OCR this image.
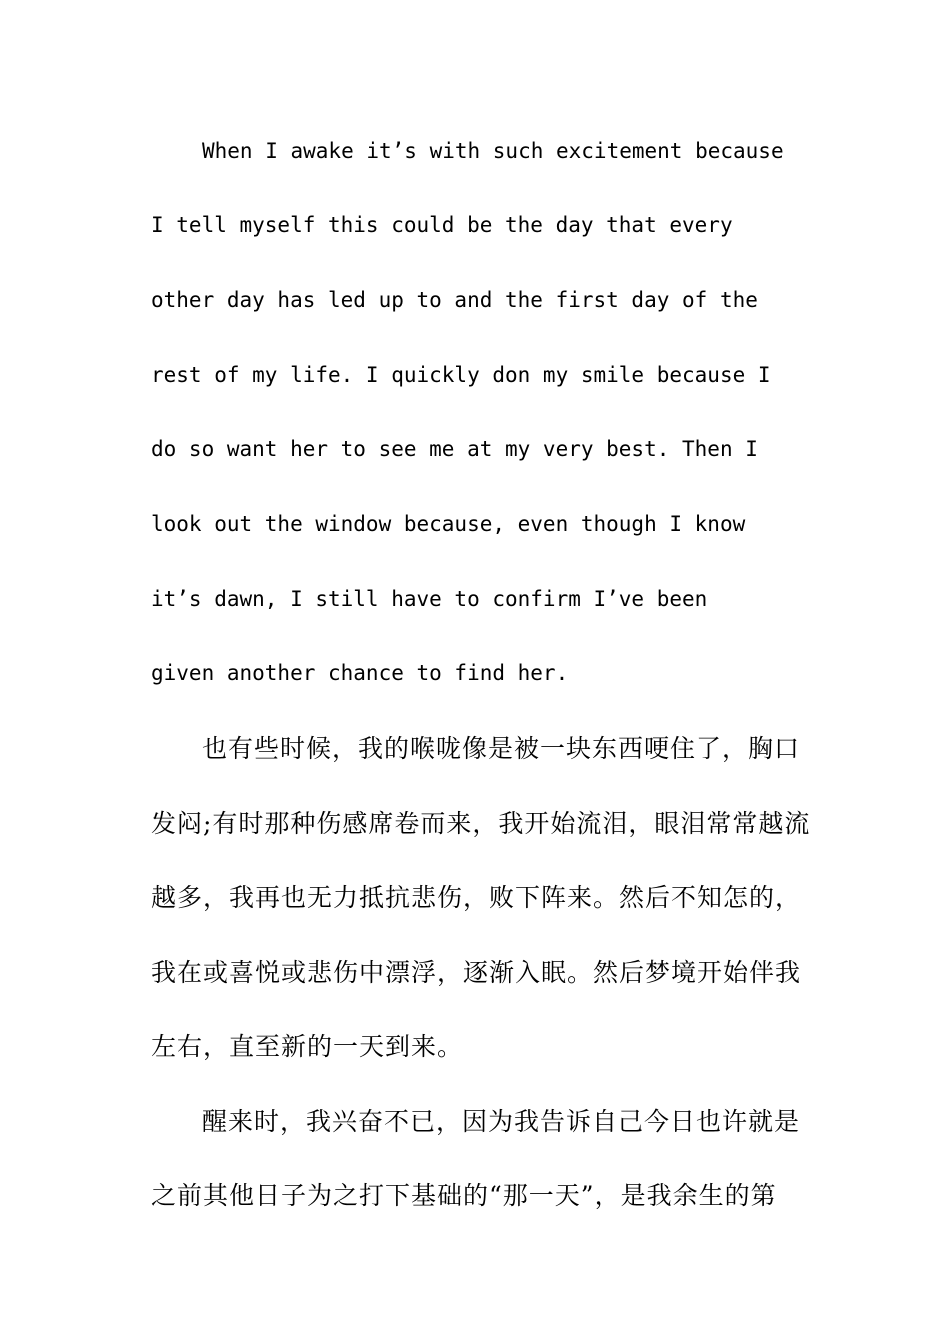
When I awake it’s with such excitement because
I tell myself this could be the day that every
other day has led up to and the first day of the
rest of my life. I quickly don my smile because I
do so want her to see me at my very best. Then I
look out the window because, even though I know
it’s dawn, I still have to confirm I’ve been
given another chance to find her.
也有些时候，我的喉咙像是被一块东西哽住了，胸口
发闷;有时那种伤感席卷而来，我开始流泪，眼泪常常越流
越多，我再也无力抵抗悲伤，败下阵来。然后不知怎的，
我在或喜悦或悲伤中漂浮，逐渐入眠。然后梦境开始伴我
左右，直至新的一天到来。
醒来时，我兴奋不已，因为我告诉自己今日也许就是
之前其他日子为之打下基础的“那一天”，是我余生的第
